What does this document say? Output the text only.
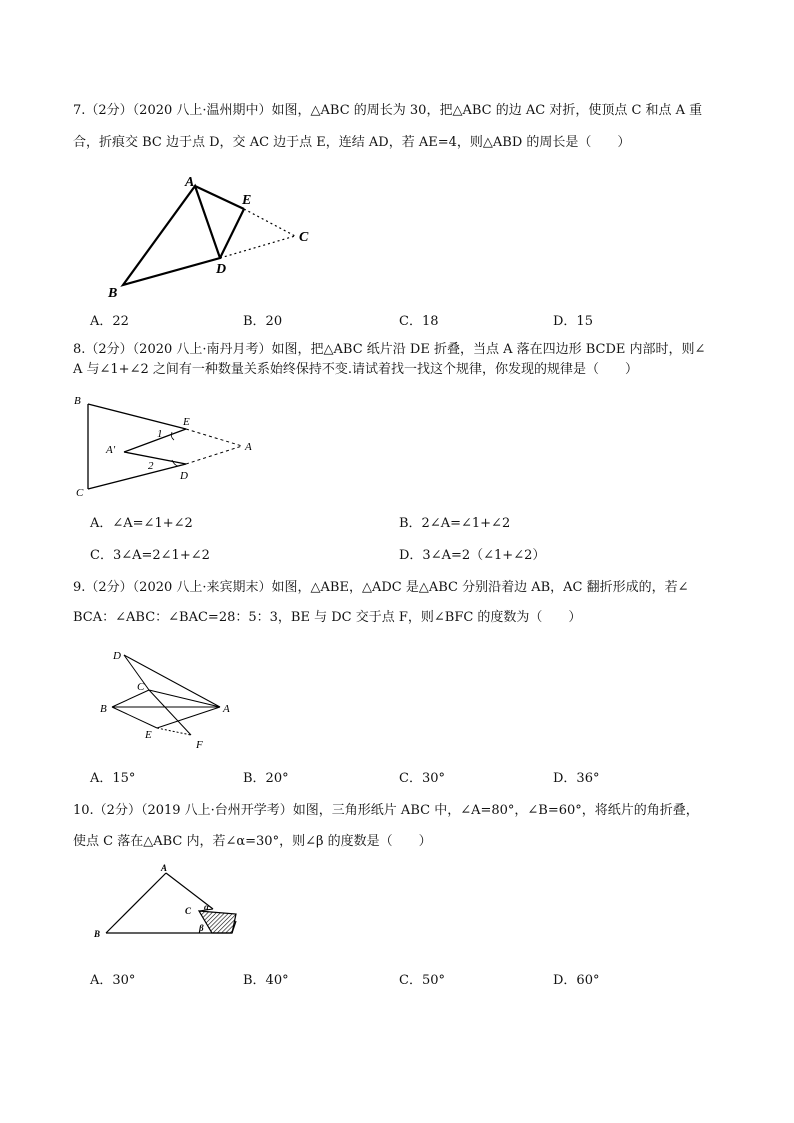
7.（2分）（2020 八上·温州期中）如图，△ABC 的周长为 30，把△ABC 的边 AC 对折，使顶点 C 和点 A 重
合，折痕交 BC 边于点 D，交 AC 边于点 E，连结 AD，若 AE=4，则△ABD 的周长是（　　）
A
E
C
D
B
A．22	B．20	C．18	D．15
8.（2分）（2020 八上·南丹月考）如图，把△ABC 纸片沿 DE 折叠，当点 A 落在四边形 BCDE 内部时，则∠
A 与∠1+∠2 之间有一种数量关系始终保持不变.请试着找一找这个规律，你发现的规律是（　　）
B
E
1
A′	A
2
D
C
A．∠A=∠1+∠2	B．2∠A=∠1+∠2
C．3∠A=2∠1+∠2	D．3∠A=2（∠1+∠2）
9.（2分）（2020 八上·来宾期末）如图，△ABE，△ADC 是△ABC 分别沿着边 AB，AC 翻折形成的，若∠
BCA：∠ABC：∠BAC=28：5：3，BE 与 DC 交于点 F，则∠BFC 的度数为（　　）
D
C
B	A
E
F
A．15°	B．20°	C．30°	D．36°
10.（2分）（2019 八上·台州开学考）如图，三角形纸片 ABC 中，∠A=80°，∠B=60°，将纸片的角折叠，
使点 C 落在△ABC 内，若∠α=30°，则∠β 的度数是（　　）
A
C α
β
B
A．30°	B．40°	C．50°	D．60°
